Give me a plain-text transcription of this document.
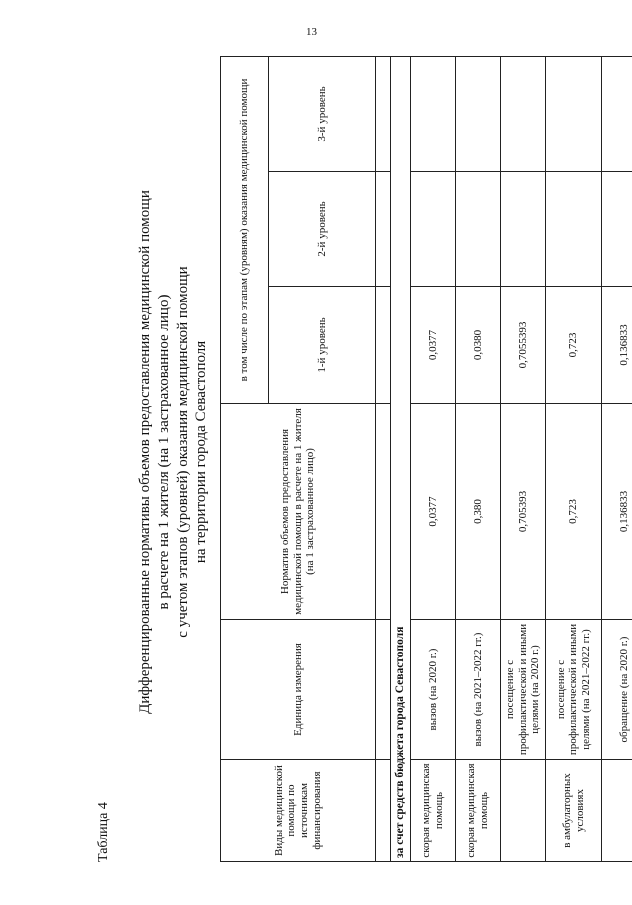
13
Таблица 4
Дифференцированные нормативы объемов предоставления медицинской помощи в расчете на 1 жителя (на 1 застрахованное лицо) с учетом этапов (уровней) оказания медицинской помощи на территории города Севастополя
Виды медицинской помощи по источникам финансирования	Единица измерения	Норматив объемов предоставления медицинской помощи в расчете на 1 жителя (на 1 застрахованное лицо)	в том числе по этапам (уровням) оказания медицинской помощи		
			1-й уровень	2-й уровень	3-й уровень

за счет средств бюджета города Севастополя					
скорая медицинская помощь	вызов (на 2020 г.)	0,0377	0,0377		
скорая медицинская помощь	вызов (на 2021–2022 гг.)	0,380	0,0380		
	посещение с профилактической и иными целями (на 2020 г.)	0,705393	0,7055393		
в амбулаторных условиях	посещение с профилактической и иными целями (на 2021–2022 гг.)	0,723	0,723		
	обращение (на 2020 г.)	0,136833	0,136833		
